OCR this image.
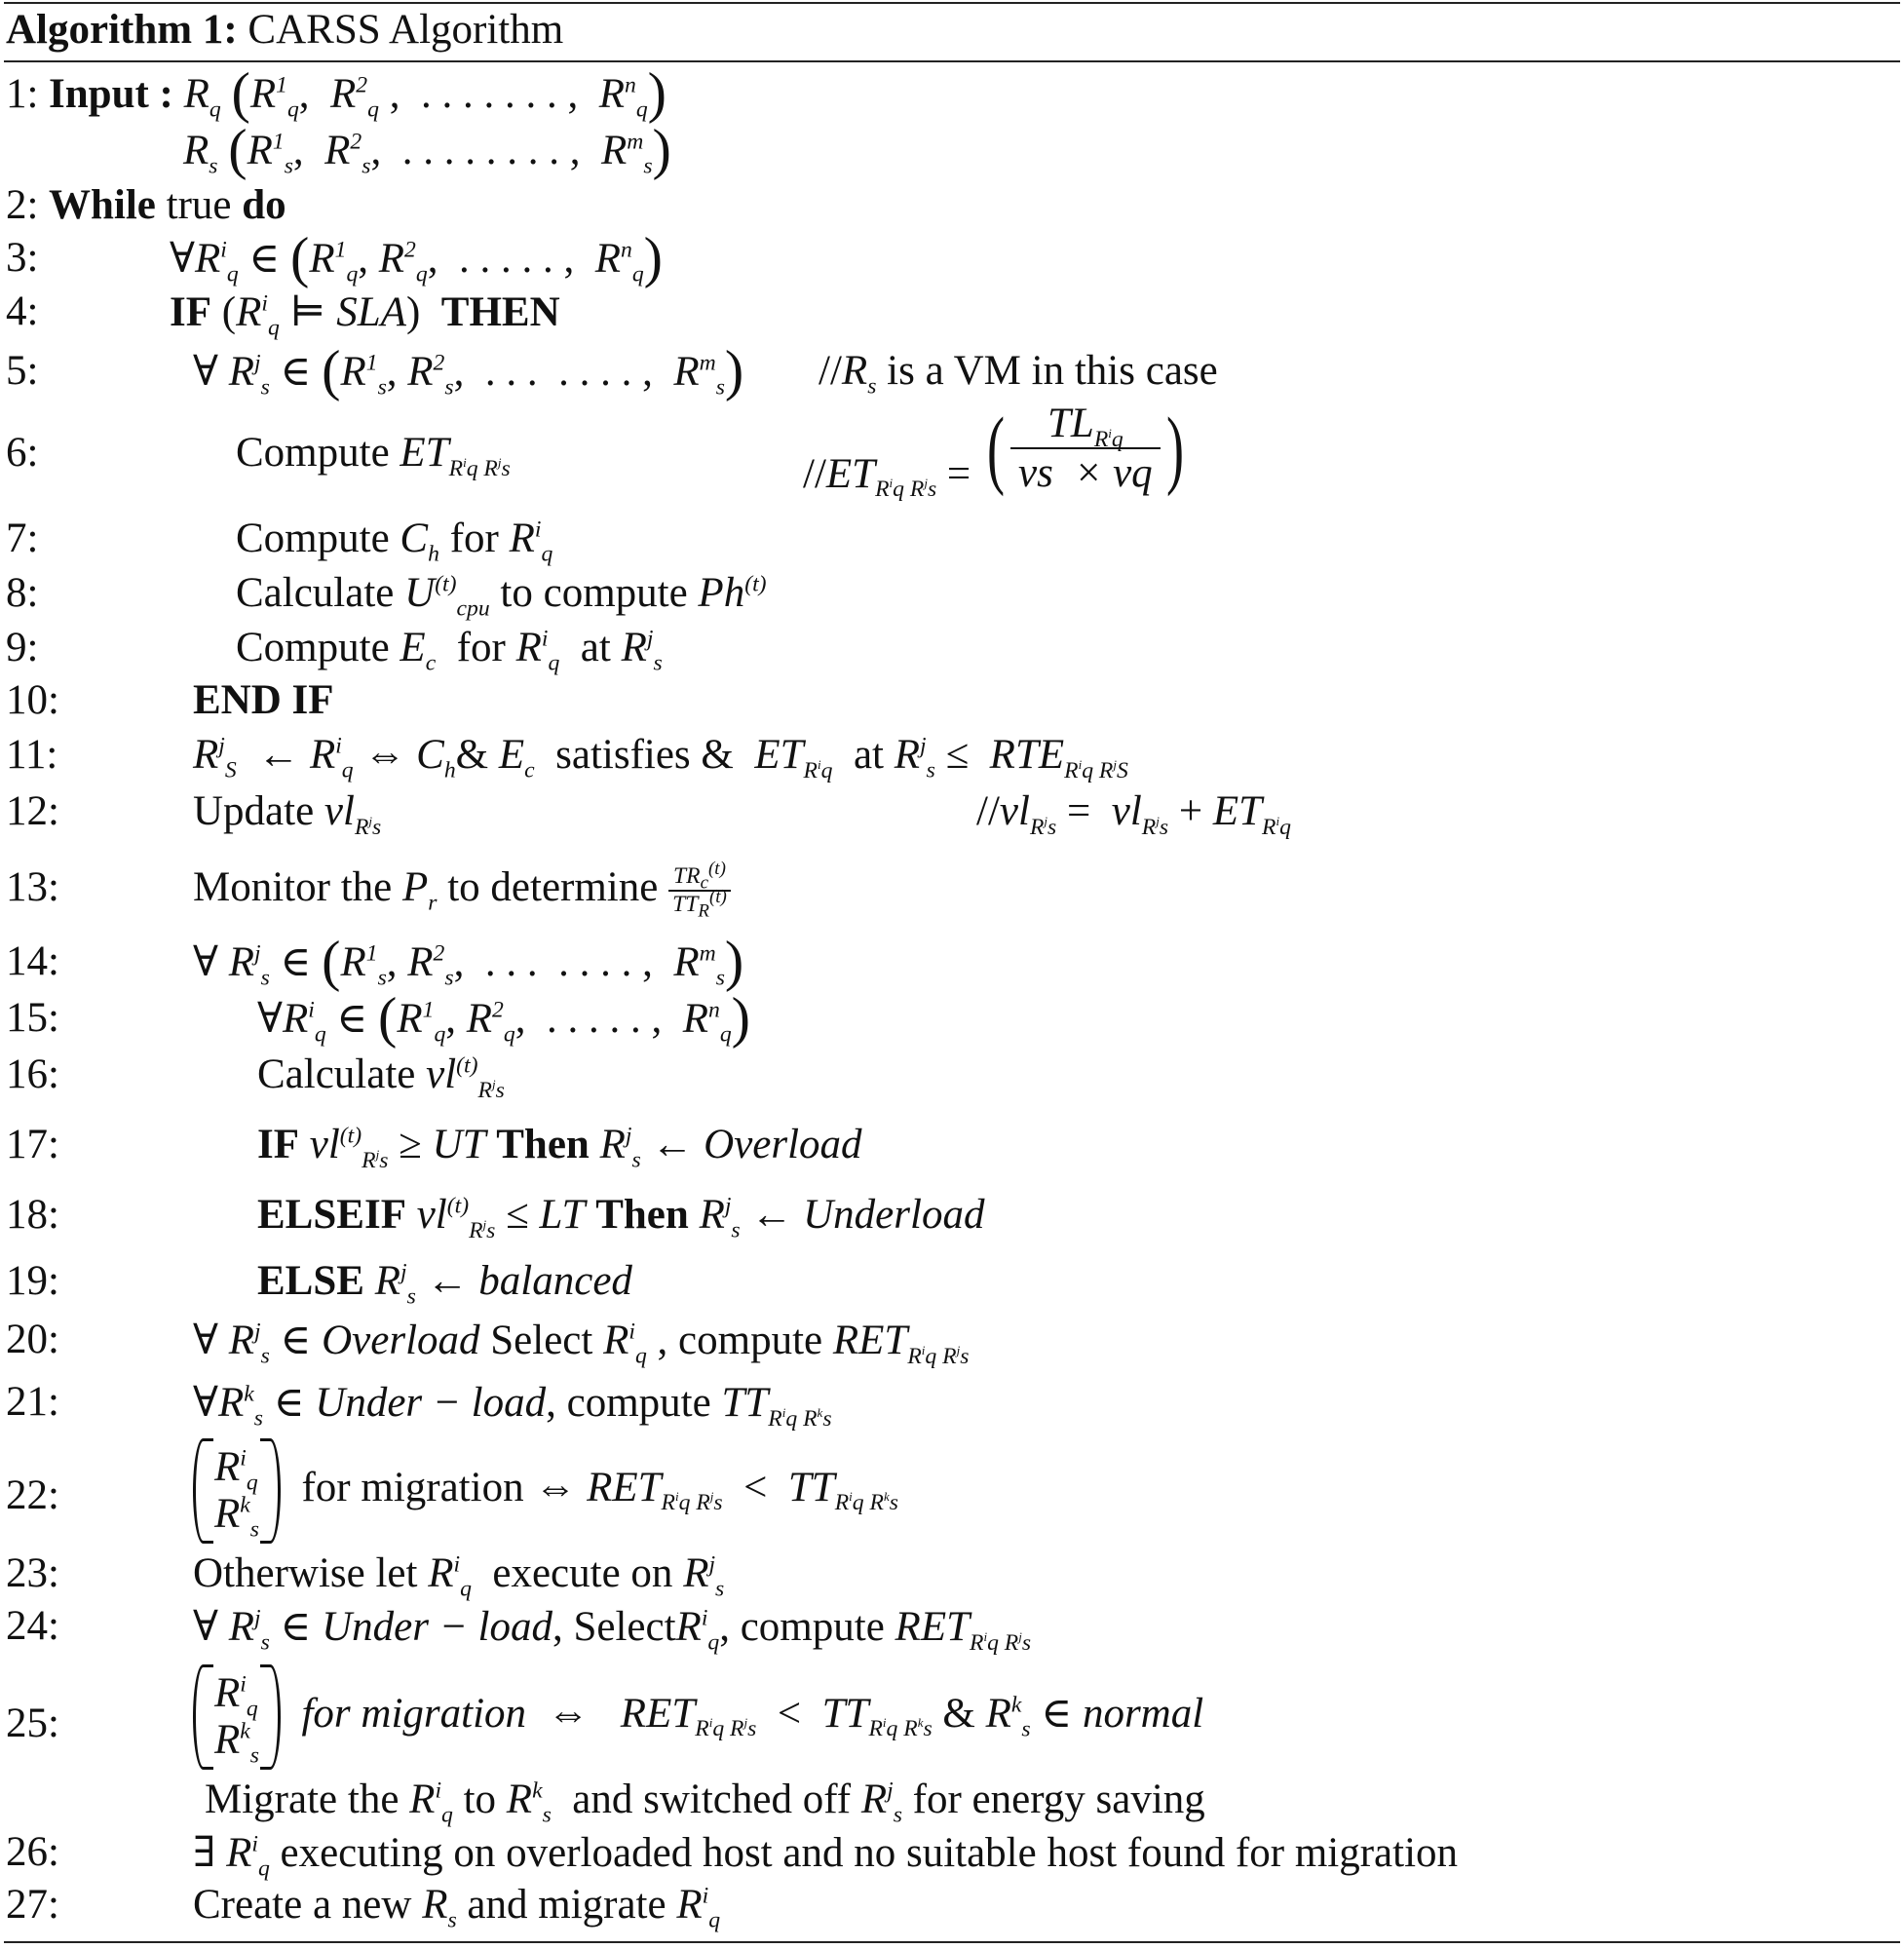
Algorithm 1: CARSS Algorithm
1: Input : $R_q$ ($R^1_q$,  $R^2_q$ ,  . . . . . . . ,  $R^n_q$)
$R_s$ ($R^1_s$,  $R^2_s$,  . . . . . . . . ,  $R^m_s$)
2: While true do
3:	$\forall R^i_q$ ∈ ($R^1_q$, $R^2_q$,  . . . . . ,  $R^n_q$)
4:	IF ($R^i_q$ ⊨ SLA)  THEN
5:	∀ $R^j_s$ ∈ ($R^1_s$, $R^2_s$,  . . .  . . . . ,  $R^m_s$) $//R_s$ is a VM in this case
6:	Compute $ET_{R^iq R^js}$	$//ET_{R^iq R^js}$ = ( $\frac{TL_{R^iq}}{vs \times vq}$ )
7:	Compute $C_h$ for $R^i_q$
8:	Calculate $U^{(t)}_{cpu}$ to compute Ph$^{(t)}$
9:	Compute $E_c$ for $R^i_q$ at $R^j_s$
10:	END IF
11:	$R^j_S$  ← $R^i_q$ ⇔ $C_h\&$ $E_c$ satisfies & $ET_{R^iq}$ at $R^j_s \le RTE_{R^iq R^jS}$
12:	Update $vl_{R^js}$	$//vl_{R^js} = vl_{R^js} + ET_{R^iq}$
13:	Monitor the $P_r$ to determine $\frac{TR_c^{(t)}}{TT_R^{(t)}}$
14:	∀ $R^j_s$ ∈ ($R^1_s$, $R^2_s$,  . . .  . . . . ,  $R^m_s$)
15:	$\forall R^i_q$ ∈ ($R^1_q$, $R^2_q$,  . . . . . ,  $R^n_q$)
16:	Calculate $vl^{(t)}_{R^js}$
17:	IF $vl^{(t)}_{R^js}$ ≥ UT Then $R^j_s$ ← Overload
18:	ELSEIF $vl^{(t)}_{R^js}$ ≤ LT Then $R^j_s$ ← Underload
19:	ELSE $R^j_s$ ← balanced
20:	∀ $R^j_s$ ∈ Overload Select $R^i_q$ , compute $RET_{R^iq R^js}$
21:	$\forall R^k_s$ ∈ Under − load, compute $TT_{R^iq R^ks}$
22:
$R^i_q$
$R^k_s$
for migration ⇔ $RET_{R^iq R^js} < TT_{R^iq R^ks}$
23:	Otherwise let $R^i_q$ execute on $R^j_s$
24:	∀ $R^j_s$ ∈ Under − load, SelectR$^i_q$, compute $RET_{R^iq R^js}$
25:
$R^i_q$
$R^k_s$
for migration  ⇔   $RET_{R^iq R^js} < TT_{R^iq R^ks}$ & $R^k_s$ ∈ normal
Migrate the $R^i_q$ to $R^k_s$ and switched off $R^j_s$ for energy saving
26:	∃ $R^i_q$ executing on overloaded host and no suitable host found for migration
27:	Create a new $R_s$ and migrate $R^i_q$
